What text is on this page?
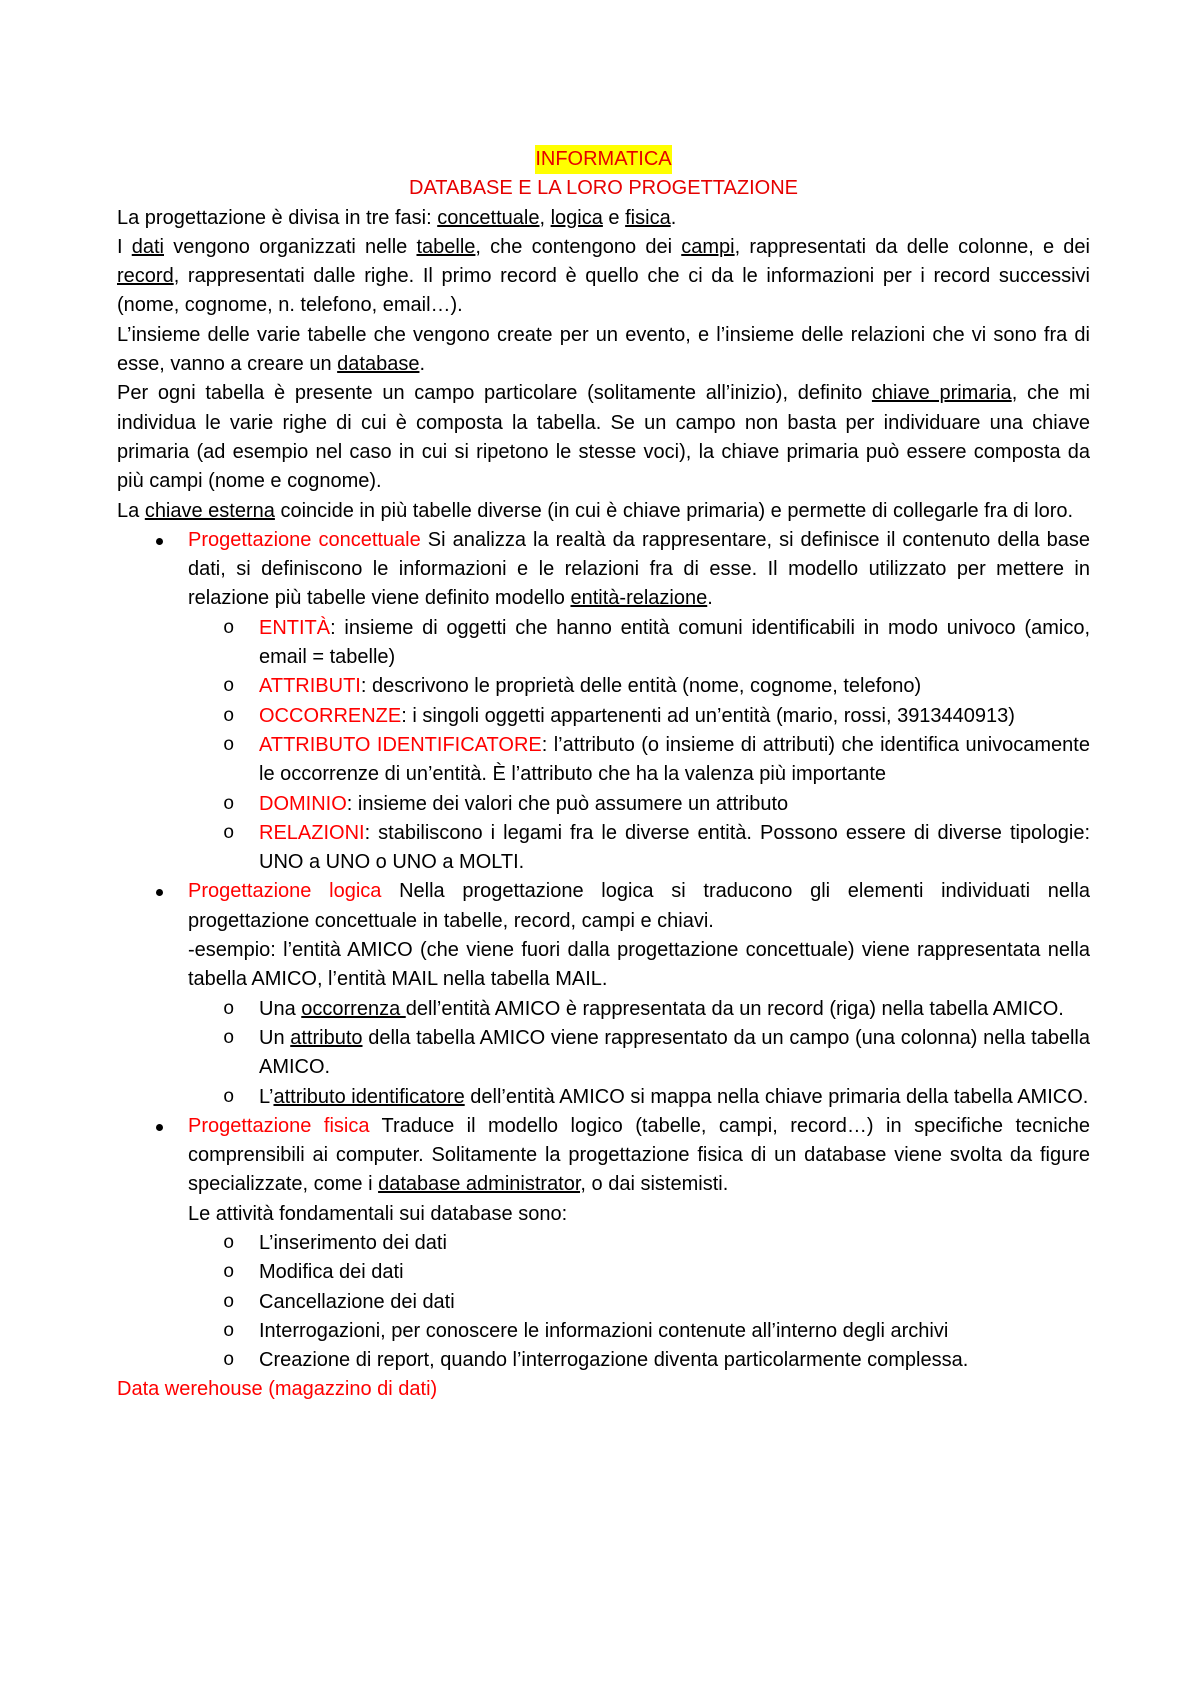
INFORMATICA
DATABASE E LA LORO PROGETTAZIONE

La progettazione è divisa in tre fasi: concettuale, logica e fisica.

I dati vengono organizzati nelle tabelle, che contengono dei campi, rappresentati da delle colonne, e dei record, rappresentati dalle righe. Il primo record è quello che ci da le informazioni per i record successivi (nome, cognome, n. telefono, email…).

L’insieme delle varie tabelle che vengono create per un evento, e l’insieme delle relazioni che vi sono fra di esse, vanno a creare un database.

Per ogni tabella è presente un campo particolare (solitamente all’inizio), definito chiave primaria, che mi individua le varie righe di cui è composta la tabella. Se un campo non basta per individuare una chiave primaria (ad esempio nel caso in cui si ripetono le stesse voci), la chiave primaria può essere composta da più campi (nome e cognome).

La chiave esterna coincide in più tabelle diverse (in cui è chiave primaria) e permette di collegarle fra di loro.

Progettazione concettuale Si analizza la realtà da rappresentare, si definisce il contenuto della base dati, si definiscono le informazioni e le relazioni fra di esse. Il modello utilizzato per mettere in relazione più tabelle viene definito modello entità-relazione.
o ENTITÀ: insieme di oggetti che hanno entità comuni identificabili in modo univoco (amico, email = tabelle)
o ATTRIBUTI: descrivono le proprietà delle entità (nome, cognome, telefono)
o OCCORRENZE: i singoli oggetti appartenenti ad un’entità (mario, rossi, 3913440913)
o ATTRIBUTO IDENTIFICATORE: l’attributo (o insieme di attributi) che identifica univocamente le occorrenze di un’entità. È l’attributo che ha la valenza più importante
o DOMINIO: insieme dei valori che può assumere un attributo
o RELAZIONI: stabiliscono i legami fra le diverse entità. Possono essere di diverse tipologie: UNO a UNO o UNO a MOLTI.
Progettazione logica Nella progettazione logica si traducono gli elementi individuati nella progettazione concettuale in tabelle, record, campi e chiavi.
-esempio: l’entità AMICO (che viene fuori dalla progettazione concettuale) viene rappresentata nella tabella AMICO, l’entità MAIL nella tabella MAIL.
o Una occorrenza dell’entità AMICO è rappresentata da un record (riga) nella tabella AMICO.
o Un attributo della tabella AMICO viene rappresentato da un campo (una colonna) nella tabella AMICO.
o L’attributo identificatore dell’entità AMICO si mappa nella chiave primaria della tabella AMICO.
Progettazione fisica Traduce il modello logico (tabelle, campi, record…) in specifiche tecniche comprensibili ai computer. Solitamente la progettazione fisica di un database viene svolta da figure specializzate, come i database administrator, o dai sistemisti.
Le attività fondamentali sui database sono:
o L’inserimento dei dati
o Modifica dei dati
o Cancellazione dei dati
o Interrogazioni, per conoscere le informazioni contenute all’interno degli archivi
o Creazione di report, quando l’interrogazione diventa particolarmente complessa.

Data werehouse (magazzino di dati)
